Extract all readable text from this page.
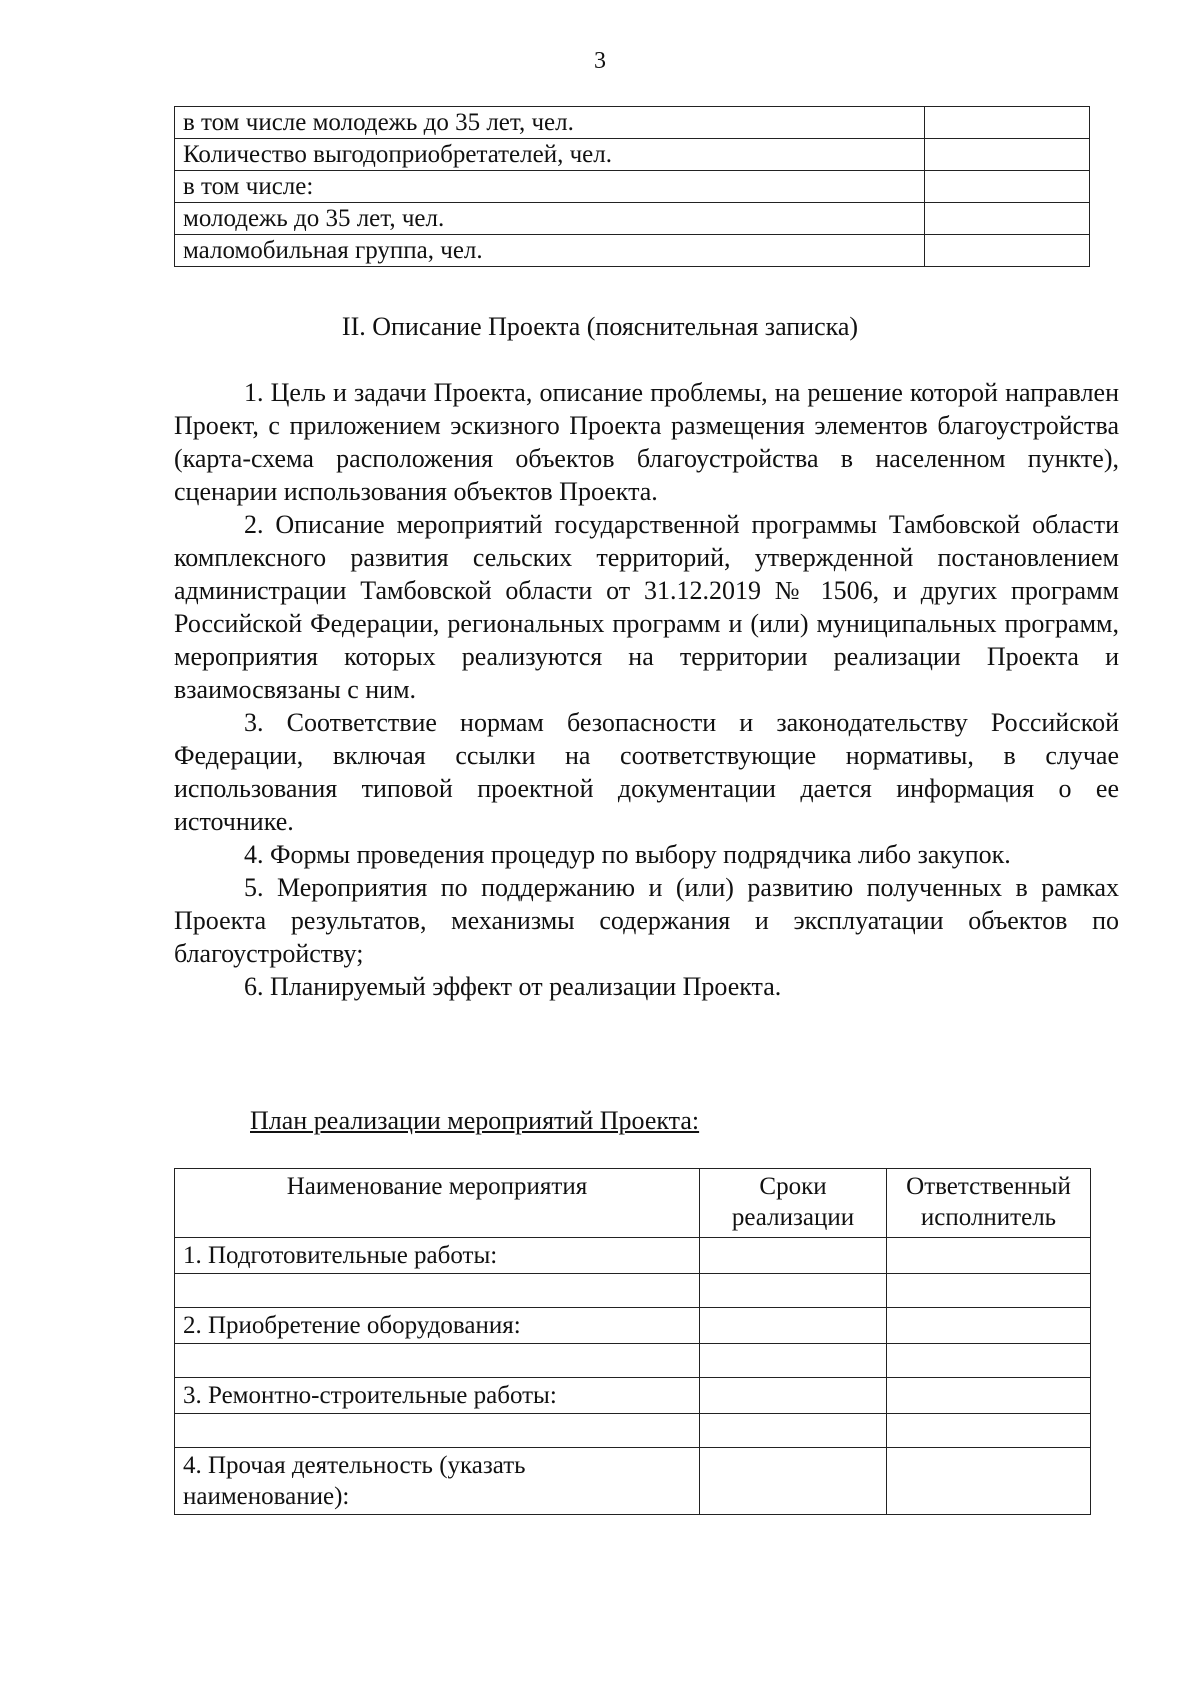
3
в том числе молодежь до 35 лет, чел.	
Количество выгодоприобретателей, чел.	
в том числе:	
молодежь до 35 лет, чел.	
маломобильная группа, чел.	
II. Описание Проекта (пояснительная записка)

1. Цель и задачи Проекта, описание проблемы, на решение которой направлен Проект, с приложением эскизного Проекта размещения элементов благоустройства (карта-схема расположения объектов благоустройства в населенном пункте), сценарии использования объектов Проекта.

2. Описание мероприятий государственной программы Тамбовской области комплексного развития сельских территорий, утвержденной постановлением администрации Тамбовской области от 31.12.2019 № 1506, и других программ Российской Федерации, региональных программ и (или) муниципальных программ, мероприятия которых реализуются на территории реализации Проекта и взаимосвязаны с ним.

3. Соответствие нормам безопасности и законодательству Российской Федерации, включая ссылки на соответствующие нормативы, в случае использования типовой проектной документации дается информация о ее источнике.

4. Формы проведения процедур по выбору подрядчика либо закупок.

5. Мероприятия по поддержанию и (или) развитию полученных в рамках Проекта результатов, механизмы содержания и эксплуатации объектов по благоустройству;

6. Планируемый эффект от реализации Проекта.

План реализации мероприятий Проекта:
Наименование мероприятия	Сроки реализации	Ответственный исполнитель
1. Подготовительные работы:		

2. Приобретение оборудования:		

3. Ремонтно-строительные работы:		

4. Прочая деятельность (указать наименование):		
